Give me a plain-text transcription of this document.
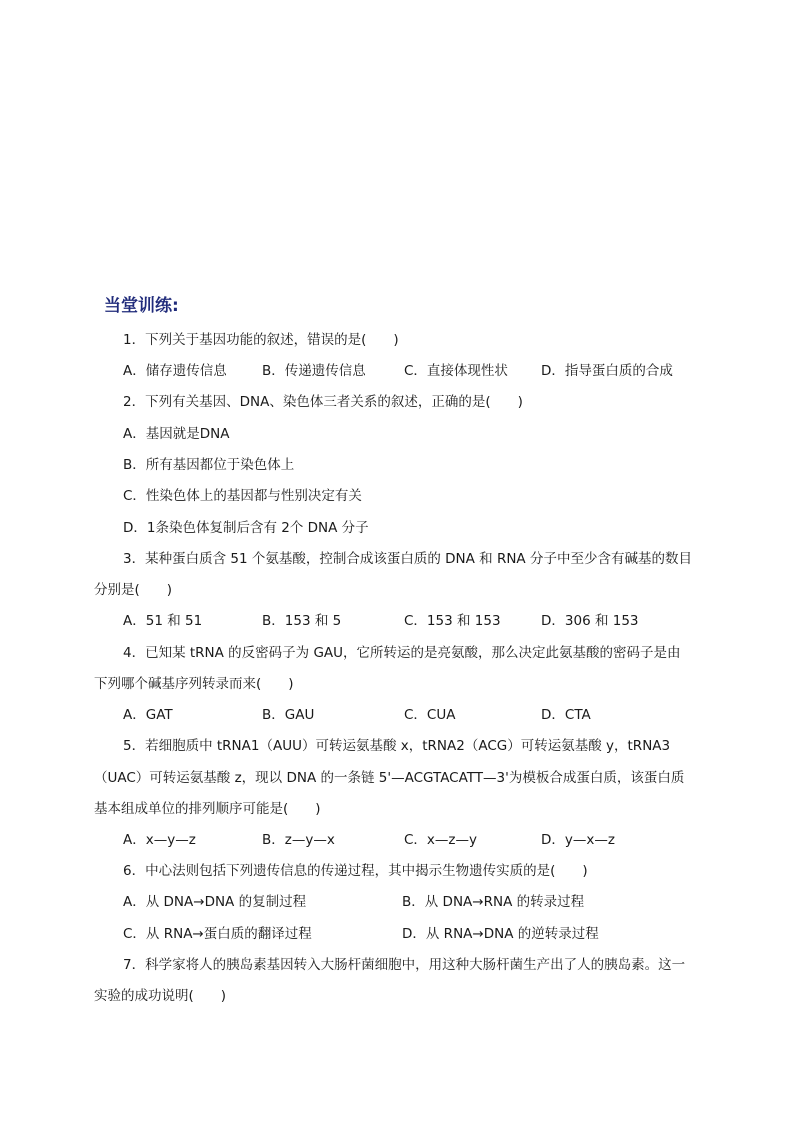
当堂训练:
1．下列关于基因功能的叙述，错误的是(　　)
A．储存遗传信息	B．传递遗传信息	C．直接体现性状 D．指导蛋白质的合成
2．下列有关基因、DNA、染色体三者关系的叙述，正确的是(　　)
A．基因就是DNA
B．所有基因都位于染色体上
C．性染色体上的基因都与性别决定有关
D．1条染色体复制后含有 2个 DNA 分子
3．某种蛋白质含 51 个氨基酸，控制合成该蛋白质的 DNA 和 RNA 分子中至少含有碱基的数目
分别是(　　)
A．51 和 51	B．153 和 5	C．153 和 153	D．306 和 153
4．已知某 tRNA 的反密码子为 GAU，它所转运的是亮氨酸，那么决定此氨基酸的密码子是由
下列哪个碱基序列转录而来(　　)
A．GAT	B．GAU	C．CUA	D．CTA
5．若细胞质中 tRNA1（AUU）可转运氨基酸 x，tRNA2（ACG）可转运氨基酸 y，tRNA3
（UAC）可转运氨基酸 z，现以 DNA 的一条链 5'—ACGTACATT—3'为模板合成蛋白质，该蛋白质
基本组成单位的排列顺序可能是(　　)
A．x—y—z	B．z—y—x	C．x—z—y	D．y—x—z
6．中心法则包括下列遗传信息的传递过程，其中揭示生物遗传实质的是(　　)
A．从 DNA→DNA 的复制过程	B．从 DNA→RNA 的转录过程
C．从 RNA→蛋白质的翻译过程	D．从 RNA→DNA 的逆转录过程
7．科学家将人的胰岛素基因转入大肠杆菌细胞中，用这种大肠杆菌生产出了人的胰岛素。这一
实验的成功说明(　　)
